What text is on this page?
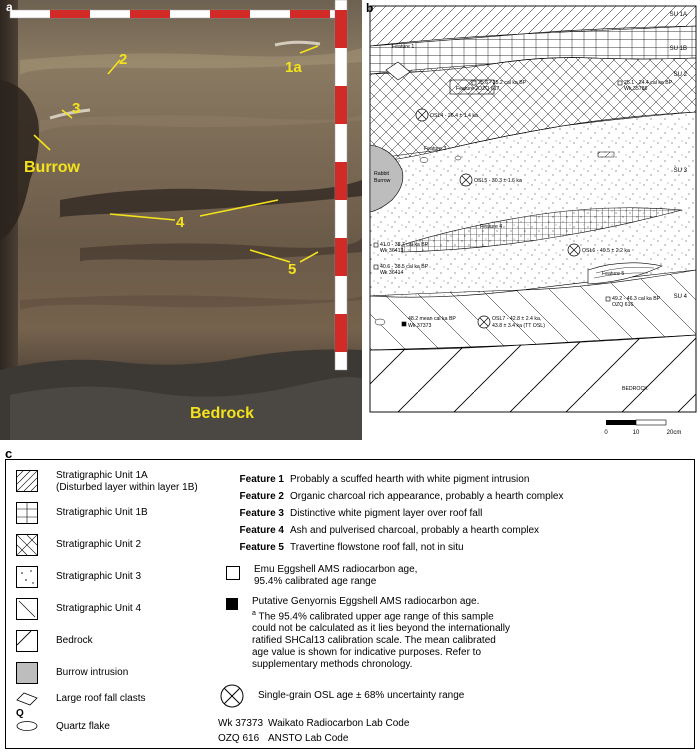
a
1a
2
3
Burrow
4
5
Bedrock
SU 1A
SU 1B
SU 2
SU 3
SU 4
Feature 1
Feature 2
Feature 3
Feature 4
Feature 5
Rabbit
Burrow
BEDROCK
OSL4 - 26.4 ± 1.4 ka
OSL5 - 30.3 ± 1.6 ka
OSL6 - 40.5 ± 2.2 ka
OSL7 - 42.8 ± 2.4 ka,
43.8 ± 3.4 ka (TT OSL)
25.6 - 25.2 cal ka BP
OZQ 617
25.1 - 24.4 cal ka BP
Wk 35788
41.0 - 38.7 cal ka BP
Wk 36413
40.6 - 38.5 cal ka BP
Wk 36414
49.2 - 46.3 cal ka BP
OZQ 616
48.2 mean cal ka BP
Wk 37373
0	10	20cm
b
c
Stratigraphic Unit 1A
(Disturbed layer within layer 1B)
Stratigraphic Unit 1B
Stratigraphic Unit 2
Stratigraphic Unit 3
Stratigraphic Unit 4
Bedrock
Burrow intrusion
Large roof fall clasts
Q
Quartz flake
Feature 1 Probably a scuffed hearth with white pigment intrusion
Feature 2 Organic charcoal rich appearance, probably a hearth complex
Feature 3 Distinctive white pigment layer over roof fall
Feature 4 Ash and pulverised charcoal, probably a hearth complex
Feature 5 Travertine flowstone roof fall, not in situ
Emu Eggshell AMS radiocarbon age,
95.4% calibrated age range
Putative Genyornis Eggshell AMS radiocarbon age.
$^a$ The 95.4% calibrated upper age range of this sample
could not be calculated as it lies beyond the internationally
ratified SHCal13 calibration scale. The mean calibrated
age value is shown for indicative purposes. Refer to
supplementary methods chronology.
Single-grain OSL age ± 68% uncertainty range
Wk 37373 Waikato Radiocarbon Lab Code
OZQ 616 ANSTO Lab Code
